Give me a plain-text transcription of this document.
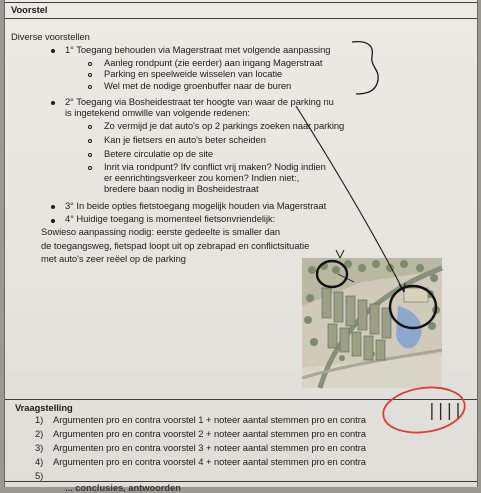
Voorstel
Diverse voorstellen
1° Toegang behouden via Magerstraat met volgende aanpassing
Aanleg rondpunt (zie eerder) aan ingang Magerstraat
Parking en speelweide wisselen van locatie
Wel met de nodige groenbuffer naar de buren
2° Toegang via Bosheidestraat ter hoogte van waar de parking nu
is ingetekend omwille van volgende redenen:
Zo vermijd je dat auto's op 2 parkings zoeken naar parking
Kan je fietsers en auto's beter scheiden
Betere circulatie op de site
Inrit via rondpunt? Ifv conflict vrij maken? Nodig indien
er eenrichtingsverkeer zou komen? Indien niet:,
bredere baan nodig in Bosheidestraat
3° In beide opties fietstoegang mogelijk houden via Magerstraat
4° Huidige toegang is momenteel fietsonvriendelijk:
Sowieso aanpassing nodig: eerste gedeelte is smaller dan
de toegangsweg, fietspad loopt uit op zebrapad en conflictsituatie
met auto's zeer reëel op de parking
Vraagstelling
1) Argumenten pro en contra voorstel 1 + noteer aantal stemmen pro en contra
2) Argumenten pro en contra voorstel 2 + noteer aantal stemmen pro en contra
3) Argumenten pro en contra voorstel 3 + noteer aantal stemmen pro en contra
4) Argumenten pro en contra voorstel 4 + noteer aantal stemmen pro en contra
5)
... conclusies, antwoorden
||||
